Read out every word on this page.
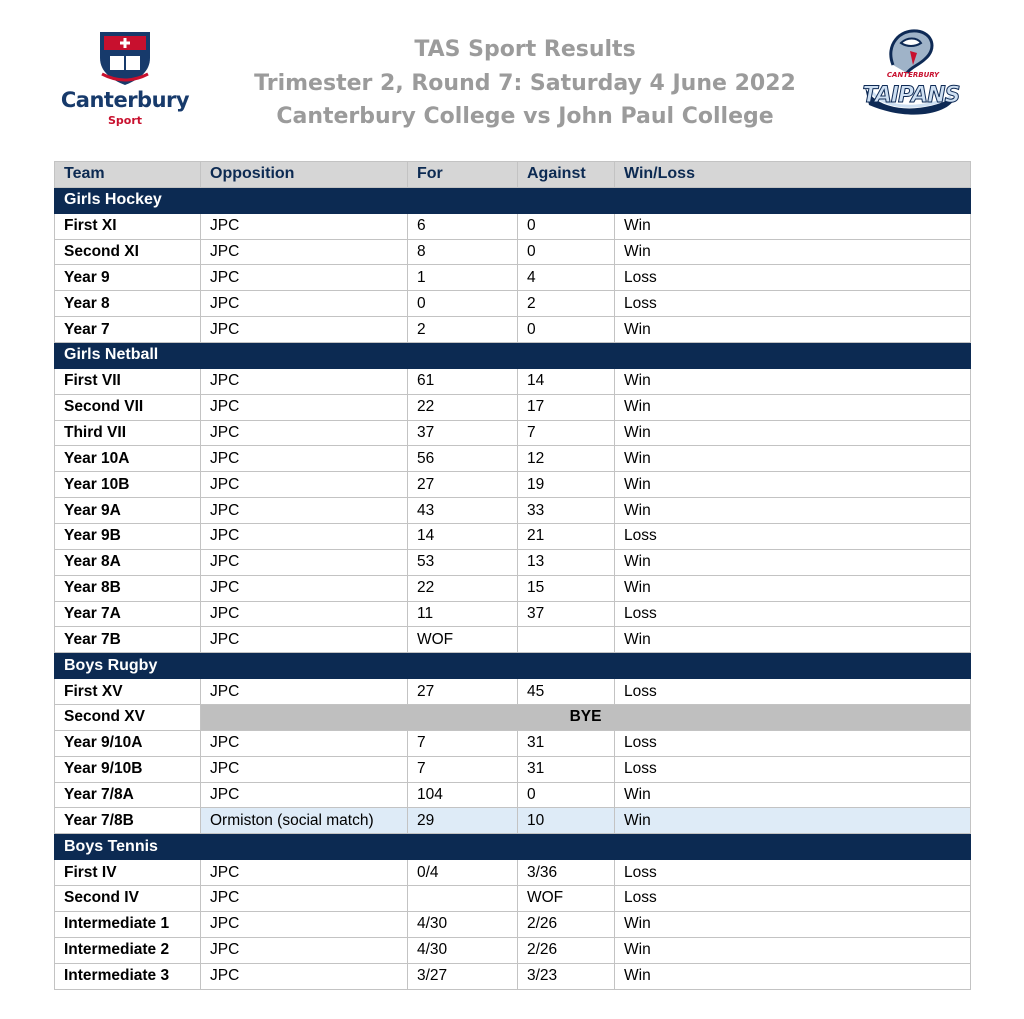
Canterbury
Sport
TAS Sport Results
Trimester 2, Round 7: Saturday 4 June 2022
Canterbury College vs John Paul College
CANTERBURY
TAIPANS
Team	Opposition	For	Against	Win/Loss
Girls Hockey				
First XI	JPC	6	0	Win
Second XI	JPC	8	0	Win
Year 9	JPC	1	4	Loss
Year 8	JPC	0	2	Loss
Year 7	JPC	2	0	Win
Girls Netball				
First VII	JPC	61	14	Win
Second VII	JPC	22	17	Win
Third VII	JPC	37	7	Win
Year 10A	JPC	56	12	Win
Year 10B	JPC	27	19	Win
Year 9A	JPC	43	33	Win
Year 9B	JPC	14	21	Loss
Year 8A	JPC	53	13	Win
Year 8B	JPC	22	15	Win
Year 7A	JPC	11	37	Loss
Year 7B	JPC	WOF		Win
Boys Rugby				
First XV	JPC	27	45	Loss
Second XV	BYE			
Year 9/10A	JPC	7	31	Loss
Year 9/10B	JPC	7	31	Loss
Year 7/8A	JPC	104	0	Win
Year 7/8B	Ormiston (social match)	29	10	Win
Boys Tennis				
First IV	JPC	0/4	3/36	Loss
Second IV	JPC		WOF	Loss
Intermediate 1	JPC	4/30	2/26	Win
Intermediate 2	JPC	4/30	2/26	Win
Intermediate 3	JPC	3/27	3/23	Win
